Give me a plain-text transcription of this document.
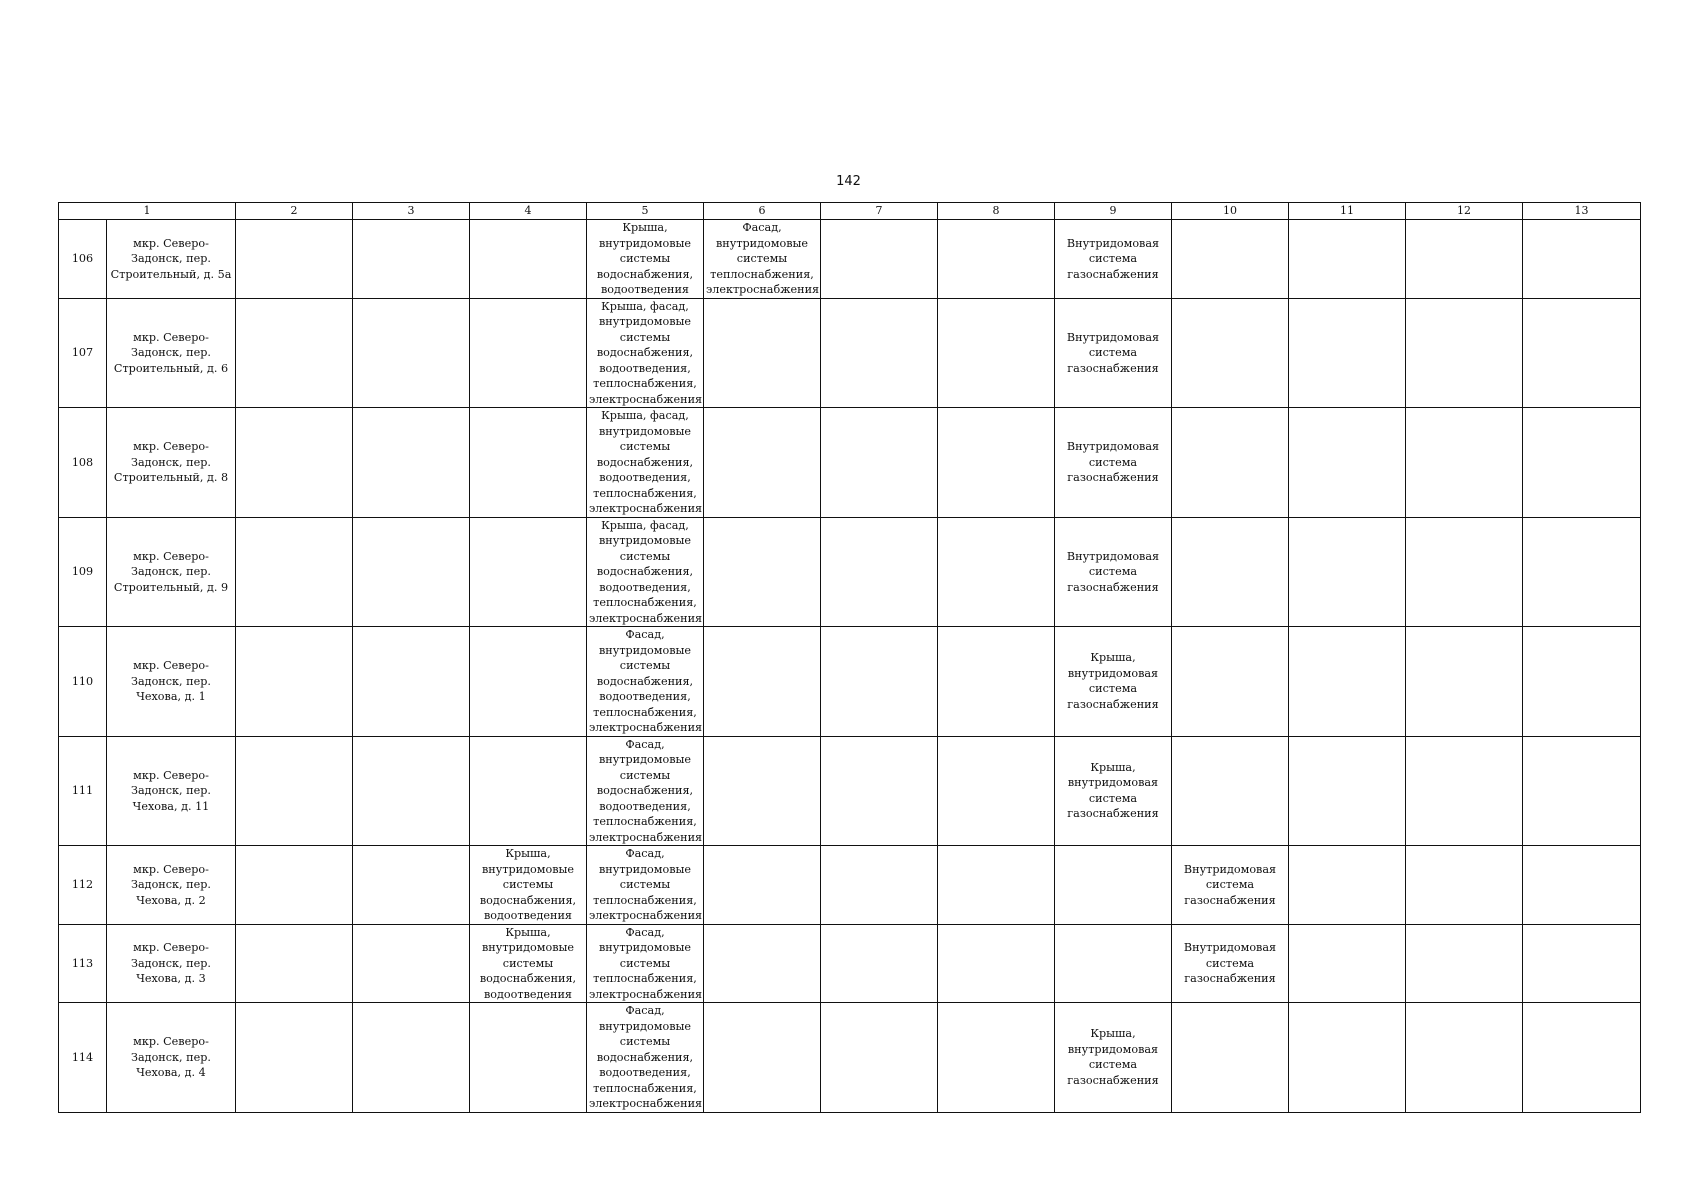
142
1		2	3	4	5	6	7	8	9	10	11	12	13
106	мкр. Северо-Задонск, пер. Строительный, д. 5а				Крыша, внутридомовые системы водоснабжения, водоотведения	Фасад, внутридомовые системы теплоснабжения, электроснабжения			Внутридомовая система газоснабжения				
107	мкр. Северо-Задонск, пер. Строительный, д. 6				Крыша, фасад, внутридомовые системы водоснабжения, водоотведения, теплоснабжения, электроснабжения				Внутридомовая система газоснабжения				
108	мкр. Северо-Задонск, пер. Строительный, д. 8				Крыша, фасад, внутридомовые системы водоснабжения, водоотведения, теплоснабжения, электроснабжения				Внутридомовая система газоснабжения				
109	мкр. Северо-Задонск, пер. Строительный, д. 9				Крыша, фасад, внутридомовые системы водоснабжения, водоотведения, теплоснабжения, электроснабжения				Внутридомовая система газоснабжения				
110	мкр. Северо-Задонск, пер. Чехова, д. 1				Фасад, внутридомовые системы водоснабжения, водоотведения, теплоснабжения, электроснабжения				Крыша, внутридомовая система газоснабжения				
111	мкр. Северо-Задонск, пер. Чехова, д. 11				Фасад, внутридомовые системы водоснабжения, водоотведения, теплоснабжения, электроснабжения				Крыша, внутридомовая система газоснабжения				
112	мкр. Северо-Задонск, пер. Чехова, д. 2			Крыша, внутридомовые системы водоснабжения, водоотведения	Фасад, внутридомовые системы теплоснабжения, электроснабжения					Внутридомовая система газоснабжения			
113	мкр. Северо-Задонск, пер. Чехова, д. 3			Крыша, внутридомовые системы водоснабжения, водоотведения	Фасад, внутридомовые системы теплоснабжения, электроснабжения					Внутридомовая система газоснабжения			
114	мкр. Северо-Задонск, пер. Чехова, д. 4				Фасад, внутридомовые системы водоснабжения, водоотведения, теплоснабжения, электроснабжения				Крыша, внутридомовая система газоснабжения				
